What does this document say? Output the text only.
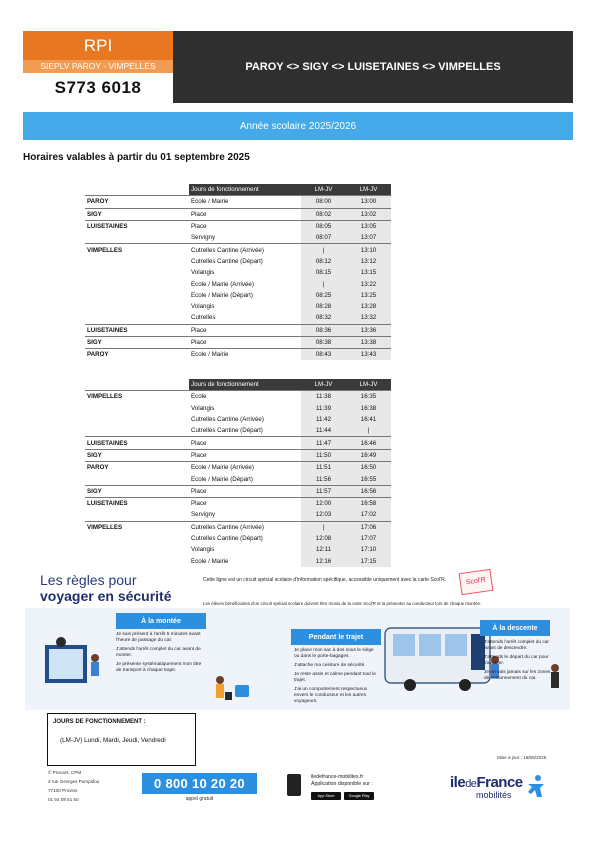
RPI
SIEPLV PAROY - VIMPELLES
S773 6018
PAROY <> SIGY <> LUISETAINES <> VIMPELLES
Année scolaire 2025/2026
Horaires valables à partir du 01 septembre 2025
	Jours de fonctionnement	LM-JV	LM-JV
PAROY	Ecole / Mairie	08:00	13:00
SIGY	Place	08:02	13:02
LUISETAINES	Place	08:05	13:05
	Servigny	08:07	13:07
VIMPELLES	Cutrelles Cantine (Arrivée)	|	13:10
	Cutrelles Cantine (Départ)	08:12	13:12
	Volangis	08:15	13:15
	Ecole / Mairie (Arrivée)	|	13:22
	Ecole / Mairie (Départ)	08:25	13:25
	Volangis	08:28	13:28
	Cutrelles	08:32	13:32
LUISETAINES	Place	08:36	13:36
SIGY	Place	08:38	13:38
PAROY	Ecole / Mairie	08:43	13:43
	Jours de fonctionnement	LM-JV	LM-JV
VIMPELLES	Ecole	11:38	16:35
	Volangis	11:39	16:38
	Cutrelles Cantine (Arrivée)	11:42	16:41
	Cutrelles Cantine (Départ)	11:44	|
LUISETAINES	Place	11:47	16:46
SIGY	Place	11:50	16:49
PAROY	Ecole / Mairie (Arrivée)	11:51	16:50
	Ecole / Mairie (Départ)	11:56	16:55
SIGY	Place	11:57	16:56
LUISETAINES	Place	12:00	16:58
	Servigny	12:03	17:02
VIMPELLES	Cutrelles Cantine (Arrivée)	|	17:06
	Cutrelles Cantine (Départ)	12:08	17:07
	Volangis	12:11	17:10
	Ecole / Mairie	12:16	17:15
Les règles pour
voyager en sécurité
Cette ligne est un circuit spécial scolaire d'information spécifique, accessible uniquement avec la carte Scol'R.	Scol'R
Les élèves bénéficiaires d'un circuit spécial scolaire doivent être munis de la carte Scol'R et la présenter au conducteur lors de chaque montée.
À la montée

Je suis présent à l'arrêt 5 minutes avant l'heure de passage du car.

J'attends l'arrêt complet du car avant de monter.

Je présente systématiquement mon titre de transport à chaque trajet.

Pendant le trajet

Je place mon sac à dos sous le siège ou dans le porte-bagages.

J'attache ma ceinture de sécurité.

Je reste assis et calme pendant tout le trajet.

J'ai un comportement respectueux envers le conducteur et les autres voyageurs.

À la descente

J'attends l'arrêt complet du car avant de descendre.

J'attends le départ du car pour traverser.

Je ne vais jamais sur les zones de stationnement du car.

JOURS DE FONCTIONNEMENT :
(LM-JV) Lundi, Mardi, Jeudi, Vendredi
Mise à jour : 18/06/2025
© Procars, CPM
2 rue Georges Pompidou
77100 Provins
01 64 08 51 50
0 800 10 20 20
appel gratuit
iledefrance-mobilites.fr
Application disponible sur :
App Store	Google Play
iledeFrance
mobilités
